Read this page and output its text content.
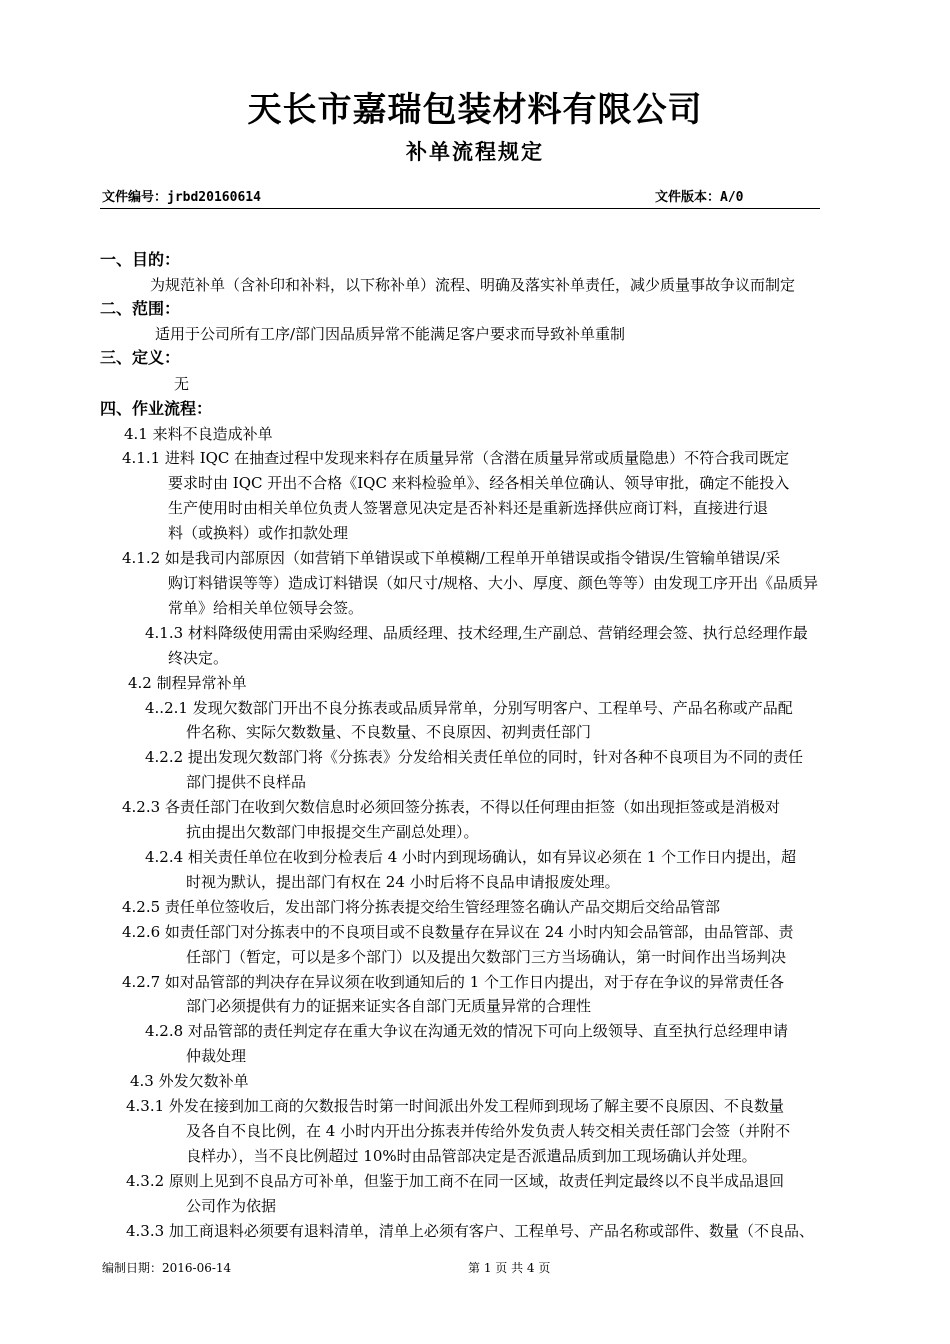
天长市嘉瑞包装材料有限公司
补单流程规定
文件编号：jrbd20160614	文件版本：A/0
一、目的：
为规范补单（含补印和补料，以下称补单）流程、明确及落实补单责任，减少质量事故争议而制定
二、范围：
适用于公司所有工序/部门因品质异常不能满足客户要求而导致补单重制
三、定义：
无
四、作业流程：
4.1 来料不良造成补单
4.1.1 进料 IQC 在抽查过程中发现来料存在质量异常（含潜在质量异常或质量隐患）不符合我司既定
要求时由 IQC 开出不合格《IQC 来料检验单》、经各相关单位确认、领导审批，确定不能投入
生产使用时由相关单位负责人签署意见决定是否补料还是重新选择供应商订料，直接进行退
料（或换料）或作扣款处理
4.1.2 如是我司内部原因（如营销下单错误或下单模糊/工程单开单错误或指令错误/生管输单错误/采
购订料错误等等）造成订料错误（如尺寸/规格、大小、厚度、颜色等等）由发现工序开出《品质异
常单》给相关单位领导会签。
4.1.3 材料降级使用需由采购经理、品质经理、技术经理,生产副总、营销经理会签、执行总经理作最
终决定。
4.2 制程异常补单
4..2.1 发现欠数部门开出不良分拣表或品质异常单，分别写明客户、工程单号、产品名称或产品配
件名称、实际欠数数量、不良数量、不良原因、初判责任部门
4.2.2 提出发现欠数部门将《分拣表》分发给相关责任单位的同时，针对各种不良项目为不同的责任
部门提供不良样品
4.2.3 各责任部门在收到欠数信息时必须回签分拣表，不得以任何理由拒签（如出现拒签或是消极对
抗由提出欠数部门申报提交生产副总处理）。
4.2.4 相关责任单位在收到分检表后 4 小时内到现场确认，如有异议必须在 1 个工作日内提出，超
时视为默认，提出部门有权在 24 小时后将不良品申请报废处理。
4.2.5 责任单位签收后，发出部门将分拣表提交给生管经理签名确认产品交期后交给品管部
4.2.6 如责任部门对分拣表中的不良项目或不良数量存在异议在 24 小时内知会品管部，由品管部、责
任部门（暂定，可以是多个部门）以及提出欠数部门三方当场确认，第一时间作出当场判决
4.2.7 如对品管部的判决存在异议须在收到通知后的 1 个工作日内提出，对于存在争议的异常责任各
部门必须提供有力的证据来证实各自部门无质量异常的合理性
4.2.8 对品管部的责任判定存在重大争议在沟通无效的情况下可向上级领导、直至执行总经理申请
仲裁处理
4.3 外发欠数补单
4.3.1 外发在接到加工商的欠数报告时第一时间派出外发工程师到现场了解主要不良原因、不良数量
及各自不良比例，在 4 小时内开出分拣表并传给外发负责人转交相关责任部门会签（并附不
良样办），当不良比例超过 10%时由品管部决定是否派遣品质到加工现场确认并处理。
4.3.2 原则上见到不良品方可补单，但鉴于加工商不在同一区域，故责任判定最终以不良半成品退回
公司作为依据
4.3.3 加工商退料必须要有退料清单，清单上必须有客户、工程单号、产品名称或部件、数量（不良品、
编制日期：2016-06-14	第 1 页 共 4 页
